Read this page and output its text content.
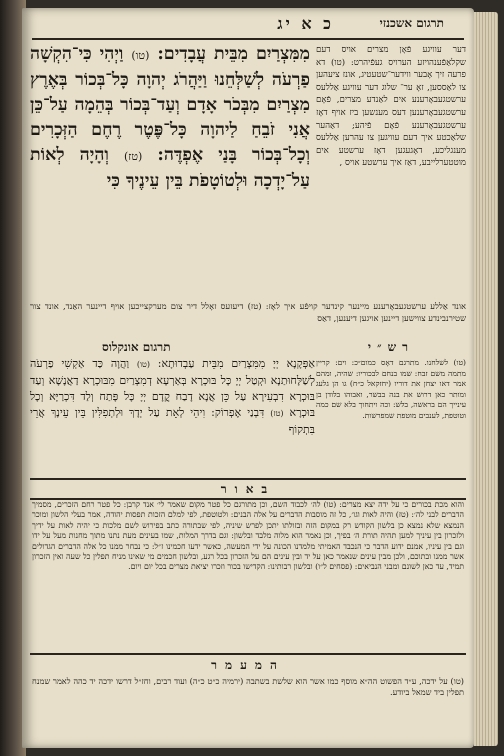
כ א יג	תרגום אשכנזי
דער עוויגע פֿאָן מצרים אויס דעם שקלאַפֿענהויזע הערויס געפֿיהרט: (טו) דא פרעה זיך אָבער ווידער־שטעטיג, אונז ציעהען צו לאַססען, זאָ ער־ שלוג דער עוויגע אַללעס ערשטגעבאָרענע אים לאַנדע מצרים, פֿאָם ערשטגעבאָרענען דעס מענשען ביז אויף דאָז ערשטגעבאָרענע פֿאָם פֿיהע; דאַהער שלאַכטע איך דעם עוויגען צו עהרען אַללעס מענגליכע, דאָגעגען דאָז ערשטע אים מוטטערלייבע, דאַז איך ערשטע אויס ,
מִמִּצְרַיִם מִבֵּית עֲבָדִים: (טו) וַיְהִי כִּי־הִקְשָׁה פַרְעֹה לְשַׁלְּחֵנוּ וַיַּהֲרֹג יְהוָה כָּל־בְּכוֹר בְּאֶרֶץ מִצְרַיִם מִבְּכֹר אָדָם וְעַד־בְּכוֹר בְּהֵמָה עַל־כֵּן אֲנִי זֹבֵחַ לַיהוָה כָּל־פֶּטֶר רֶחֶם הַזְּכָרִים וְכָל־בְּכוֹר בָּנַי אֶפְדֶּה: (טז) וְהָיָה לְאוֹת עַל־יָדְכָה וּלְטוֹטָפֹת בֵּין עֵינֶיךָ כִּי
אונד אַללע ערשטגעבאָרענע מיינער קינדער קויפֿע איך לאָז: (טז) דיעזעס זאָלל דיר צום מערקצייכען אויף דיינער האַנד, אונד צור שטירנבינדע צווישען דיינען אויגען דיענען, דאַס
רש״י
תרגום אונקלוס
(טו) לשלחנו. מתרגם דאָס כמום״כ: וים: קריין מתמה משם זבח: שמו בנחם לבכוריו: שהיה, ומהם אמר דאו יצחן את דוריו (יחזקאל כ״ח) גו הן גלעג ומותר כאן דרוש את בנה בבשר, ואבוהו בלודן בן עינייך הם בראשה, בלש: וכה ויתחוך בלא שם כמה וטוטפת, לענבים מוטפת שמפרשות.
אַפְּקָנָא יְיָ מִמִּצְרַיִם מִבֵּית עַבְדוּתָא: (טו) וַהֲוָה כַּד אַקְשִׁי פַרְעֹה לְשַׁלָּחוּתַנָא וּקְטַל יְיָ כָּל בּוּכְרָא בְּאַרְעָא דְמִצְרַיִם מִבּוּכְרָא דַאֲנָשָׁא וְעַד בּוּכְרָא דִבְעִירָא עַל כֵּן אֲנָא דָבַח קֳדָם יְיָ כָּל פָּתַח וְלַד דִּכְרַיָּא וְכָל בּוּכְרָא (טז) דִּבְנַי אֶפְרוֹק: וִיהֵי לְאָת עַל יְדָךְ וּלְתְפִלִּין בֵּין עֵינָךְ אֲרֵי בִּתְקוֹף
באור
והוא מכת בכורים כי על ידה יצא מצרים: (טו) לה׳ לכבוד השם, וכן מתורגם כל פטר מקום שאמר לי׳ אנד קרבן: כל פטר רחם הזכרים, מסמיך הדברים לבני לה׳: (טז) והיה לאות וגו׳, כל זה מוסבות הדברים על אלה הבנים: ולטוטפת, לפי למלם הזכות תפסות יהודה, אמר בעלי הלשון ומוכר הנמצא שלא נמצא כן בלשון הקודש רק במקום הזה ובזולתו יתכן לפרש שיניה, לפי שבתורה כתב בפירוש לשם מלכות כי יהיה לאות על ידיך ולזכרון בין עיניך למען תהיה תורת ה׳ בפיך, וכן נאמר הוא מלוה מלבד ובלשון: וגם בדרך המלות, שמו בעינים מעת נתנו מתוך מחנות מעל על ידו וגם בין עיניו, אמנם ידוע הדבר כי הנכבד האמיתי מלמדנו הכונה על ידי המעשה, כאשר ידעו חכמינו ז״ל: כי נבחר ממנו כל אלה הדברים הגדולים אשר ממנו ובתוכם, ולכן מבין עינים שנאמר כאן על יד ובין עינים הם על הזכרון בכל רגע, ובלשון חכמים מי שאינו מניח תפלין כל שעה ואין הזכרון תמיד, עד כאן לשונם ומבני הנביאים: (פסחים ל״ו) ובלשון רבותינו: הקדישו בכור וזכרו יציאת מצרים בכל יום ויום.
המעמר
(טו) על ידכה, ע״ד הפשוט הה״א מוסף כמו אשר הוא שלשת בשתבה (ירמיה כ״ט כ״ה) ועוד רבים, וחז״ל דרשו ידכה יד כהה לאמר שמנח תפלין ביד שמאל ביודע.
